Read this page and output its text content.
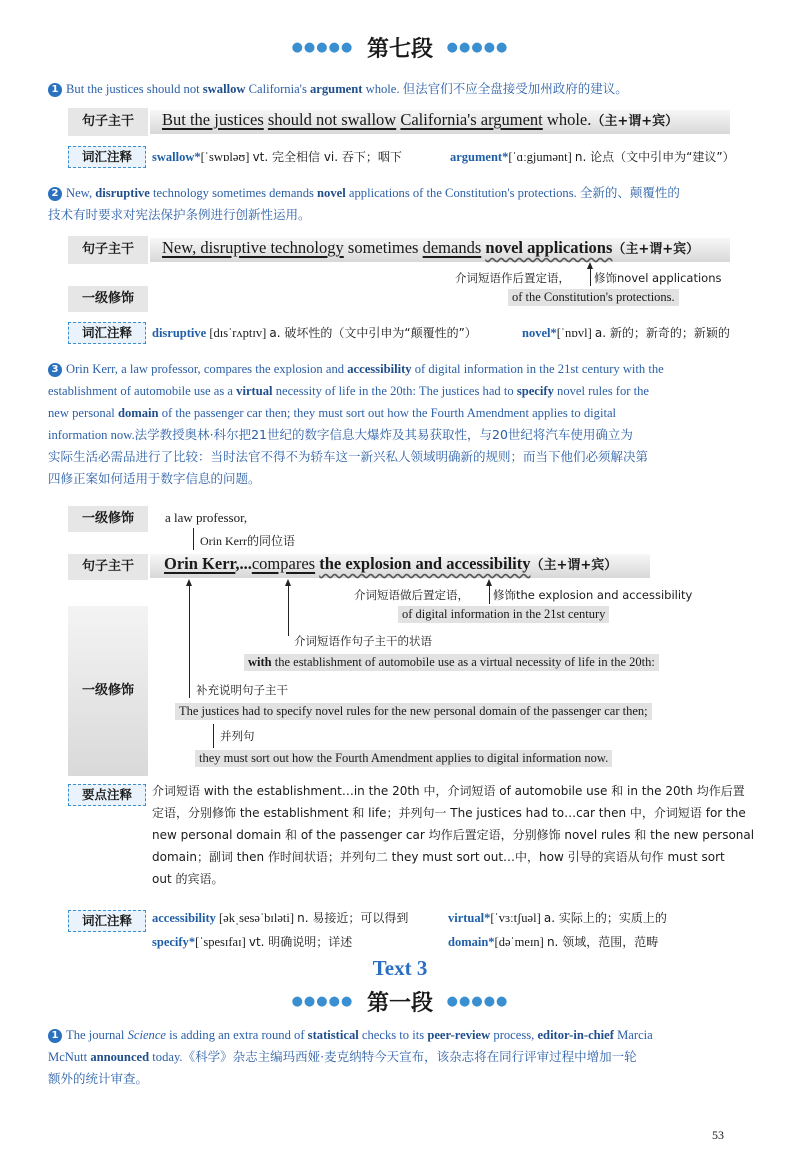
●●●●● 第七段 ●●●●●
1 But the justices should not swallow California's argument whole. 但法官们不应全盘接受加州政府的建议。
句子主干	But the justices should not swallow California's argument whole.（主+谓+宾）
词汇注释	swallow*[ˈswɒləʊ] vt. 完全相信 vi. 吞下；咽下	argument*[ˈɑːgjumənt] n. 论点（文中引申为“建议”）
2 New, disruptive technology sometimes demands novel applications of the Constitution's protections. 全新的、颠覆性的
技术有时要求对宪法保护条例进行创新性运用。
句子主干	New, disruptive technology sometimes demands novel applications（主+谓+宾）
介词短语作后置定语， 修饰novel applications
一级修饰	of the Constitution's protections.
词汇注释	disruptive [dɪsˈrʌptɪv] a. 破坏性的（文中引申为“颠覆性的”）	novel*[ˈnɒvl] a. 新的；新奇的；新颖的
3 Orin Kerr, a law professor, compares the explosion and accessibility of digital information in the 21st century with the
establishment of automobile use as a virtual necessity of life in the 20th: The justices had to specify novel rules for the
new personal domain of the passenger car then; they must sort out how the Fourth Amendment applies to digital
information now.法学教授奥林·科尔把21世纪的数字信息大爆炸及其易获取性，与20世纪将汽车使用确立为
实际生活必需品进行了比较：当时法官不得不为轿车这一新兴私人领域明确新的规则；而当下他们必须解决第
四修正案如何适用于数字信息的问题。
一级修饰	a law professor,
Orin Kerr的同位语
句子主干	Orin Kerr,...compares the explosion and accessibility（主+谓+宾）
介词短语做后置定语， 修饰the explosion and accessibility
of digital information in the 21st century
一级修饰
介词短语作句子主干的状语
with the establishment of automobile use as a virtual necessity of life in the 20th:
补充说明句子主干
The justices had to specify novel rules for the new personal domain of the passenger car then;
并列句
they must sort out how the Fourth Amendment applies to digital information now.
要点注释	介词短语 with the establishment…in the 20th 中，介词短语 of automobile use 和 in the 20th 均作后置
定语，分别修饰 the establishment 和 life；并列句一 The justices had to…car then 中，介词短语 for the
new personal domain 和 of the passenger car 均作后置定语，分别修饰 novel rules 和 the new personal
domain；副词 then 作时间状语；并列句二 they must sort out…中，how 引导的宾语从句作 must sort
out 的宾语。
词汇注释	accessibility [əkˌsesəˈbɪləti] n. 易接近；可以得到	virtual*[ˈvɜːtʃuəl] a. 实际上的；实质上的
specify*[ˈspesɪfaɪ] vt. 明确说明；详述	domain*[dəˈmeɪn] n. 领域，范围，范畴
Text 3
●●●●● 第一段 ●●●●●
1 The journal Science is adding an extra round of statistical checks to its peer-review process, editor-in-chief Marcia
McNutt announced today.《科学》杂志主编玛西娅·麦克纳特今天宣布，该杂志将在同行评审过程中增加一轮
额外的统计审查。
53
